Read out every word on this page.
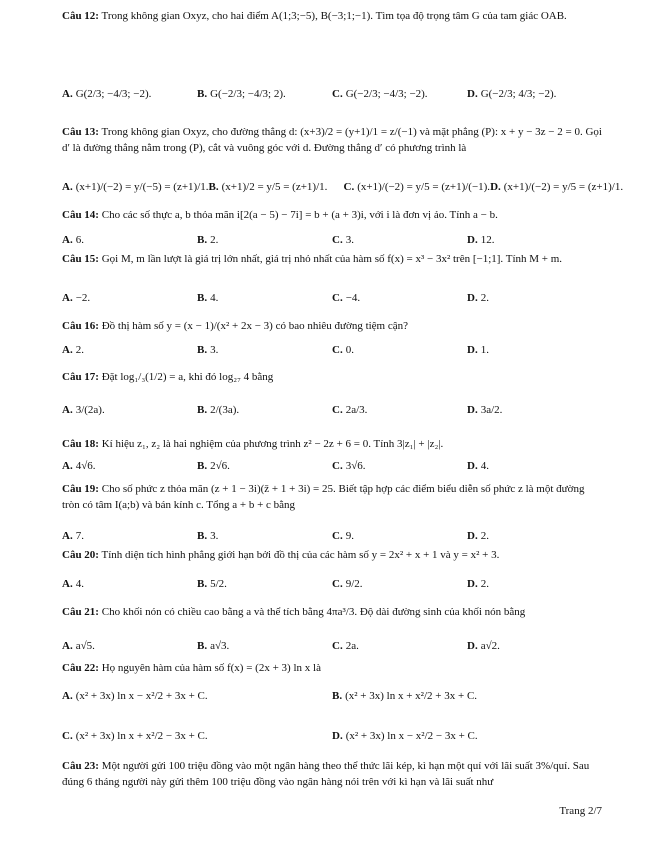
Câu 12: Trong không gian Oxyz, cho hai điểm A(1;3;−5), B(−3;1;−1). Tìm tọa độ trọng tâm G của tam giác OAB.
A. G(2/3; −4/3; −2).	B. G(−2/3; −4/3; 2).	C. G(−2/3; −4/3; −2).	D. G(−2/3; 4/3; −2).
Câu 13: Trong không gian Oxyz, cho đường thẳng d: (x+3)/2 = (y+1)/1 = z/(−1) và mặt phẳng (P): x + y − 3z − 2 = 0. Gọi d′ là đường thẳng nằm trong (P), cắt và vuông góc với d. Đường thẳng d′ có phương trình là
A. (x+1)/(−2) = y/(−5) = (z+1)/1. B. (x+1)/2 = y/5 = (z+1)/1.	C. (x+1)/(−2) = y/5 = (z+1)/(−1). D. (x+1)/(−2) = y/5 = (z+1)/1.
Câu 14: Cho các số thực a, b thỏa mãn i[2(a − 5) − 7i] = b + (a + 3)i, với i là đơn vị ảo. Tính a − b.
A. 6.	B. 2.	C. 3.	D. 12.
Câu 15: Gọi M, m lần lượt là giá trị lớn nhất, giá trị nhỏ nhất của hàm số f(x) = x³ − 3x² trên [−1;1]. Tính M + m.
A. −2.	B. 4.	C. −4.	D. 2.
Câu 16: Đồ thị hàm số y = (x − 1)/(x² + 2x − 3) có bao nhiêu đường tiệm cận?
A. 2.	B. 3.	C. 0.	D. 1.
Câu 17: Đặt log₁/₃(1/2) = a, khi đó log₂₇ 4 bằng
A. 3/(2a).	B. 2/(3a).	C. 2a/3.	D. 3a/2.
Câu 18: Kí hiệu z₁, z₂ là hai nghiệm của phương trình z² − 2z + 6 = 0. Tính 3|z₁| + |z₂|.
A. 4√6.	B. 2√6.	C. 3√6.	D. 4.
Câu 19: Cho số phức z thỏa mãn (z + 1 − 3i)(z̄ + 1 + 3i) = 25. Biết tập hợp các điểm biểu diễn số phức z là một đường tròn có tâm I(a;b) và bán kính c. Tổng a + b + c bằng
A. 7.	B. 3.	C. 9.	D. 2.
Câu 20: Tính diện tích hình phẳng giới hạn bởi đồ thị của các hàm số y = 2x² + x + 1 và y = x² + 3.
A. 4.	B. 5/2.	C. 9/2.	D. 2.
Câu 21: Cho khối nón có chiều cao bằng a và thể tích bằng 4πa³/3. Độ dài đường sinh của khối nón bằng
A. a√5.	B. a√3.	C. 2a.	D. a√2.
Câu 22: Họ nguyên hàm của hàm số f(x) = (2x + 3) ln x là
A. (x² + 3x) ln x − x²/2 + 3x + C.	B. (x² + 3x) ln x + x²/2 + 3x + C.
C. (x² + 3x) ln x + x²/2 − 3x + C.	D. (x² + 3x) ln x − x²/2 − 3x + C.
Câu 23: Một người gửi 100 triệu đồng vào một ngân hàng theo thể thức lãi kép, kì hạn một quí với lãi suất 3%/quí. Sau đúng 6 tháng người này gửi thêm 100 triệu đồng vào ngân hàng nói trên với kì hạn và lãi suất như
Trang 2/7
